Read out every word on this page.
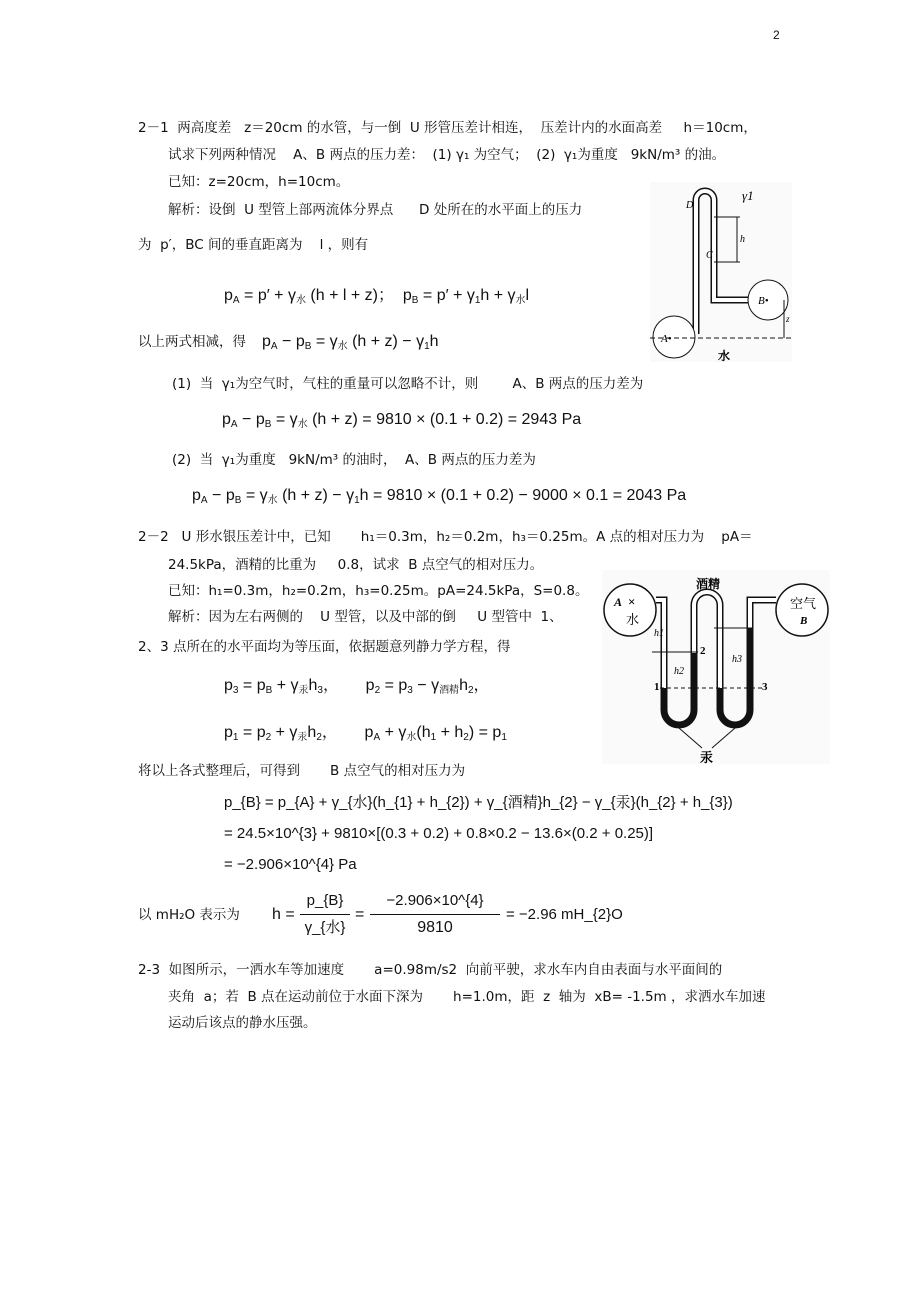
2
2－1  两高度差   z＝20cm 的水管，与一倒  U 形管压差计相连，  压差计内的水面高差     h＝10cm，
试求下列两种情况    A、B 两点的压力差：  (1) γ₁ 为空气；  (2)  γ₁为重度   9kN/m³ 的油。
已知：z=20cm，h=10cm。
解析：设倒  U 型管上部两流体分界点      D 处所在的水平面上的压力
为  p′，BC 间的垂直距离为    l ，则有
$p_A = p' + \gamma_水$ (h + l + z)；  $p_B = p' + \gamma_1h + \gamma_水l$
以上两式相减，得 $p_A - p_B = \gamma_水$ $(h + z) - \gamma_1h$
(1)  当  γ₁为空气时，气柱的重量可以忽略不计，则        A、B 两点的压力差为
$p_A - p_B = \gamma_水$ (h + z) = 9810 × (0.1 + 0.2) = 2943 Pa
(2)  当  γ₁为重度   9kN/m³ 的油时，  A、B 两点的压力差为
$p_A - p_B = \gamma_水$ $(h + z) - \gamma_1h = 9810 \times (0.1 + 0.2) - 9000 \times 0.1 = 2043$ Pa
γ1
D
C
h
B•
A•
z
水
2－2   U 形水银压差计中，已知       h₁＝0.3m，h₂＝0.2m，h₃＝0.25m。A 点的相对压力为    pA＝
24.5kPa，酒精的比重为     0.8，试求  B 点空气的相对压力。
已知：h₁=0.3m，h₂=0.2m，h₃=0.25m。pA=24.5kPa，S=0.8。
解析：因为左右两侧的    U 型管，以及中部的倒     U 型管中  1、
2、3 点所在的水平面均为等压面，依据题意列静力学方程，得
$p_3 = p_B + \gamma_汞h_3$，      $p_2 = p_3 - \gamma_{酒精}h_2$，
$p_1 = p_2 + \gamma_汞h_2$，      $p_A + \gamma_水(h_1 + h_2) = p_1$
将以上各式整理后，可得到       B 点空气的相对压力为
p_{B} = p_{A} + γ_{水}(h_{1} + h_{2}) + γ_{酒精}h_{2} − γ_{汞}(h_{2} + h_{3})
= 24.5×10^{3} + 9810×[(0.3 + 0.2) + 0.8×0.2 − 13.6×(0.2 + 0.25)]
= −2.906×10^{4} Pa
以 mH₂O 表示为 h =
p_{B}
γ_{水}
=
−2.906×10^{4}
9810
= −2.96 mH_{2}O
A ×
水
酒精
空气
B
h1
h2
h3
1
2
3
汞
2-3  如图所示，一洒水车等加速度       a=0.98m/s2  向前平驶，求水车内自由表面与水平面间的
夹角  a；若  B 点在运动前位于水面下深为       h=1.0m，距  z  轴为  xB= -1.5m ，求洒水车加速
运动后该点的静水压强。
